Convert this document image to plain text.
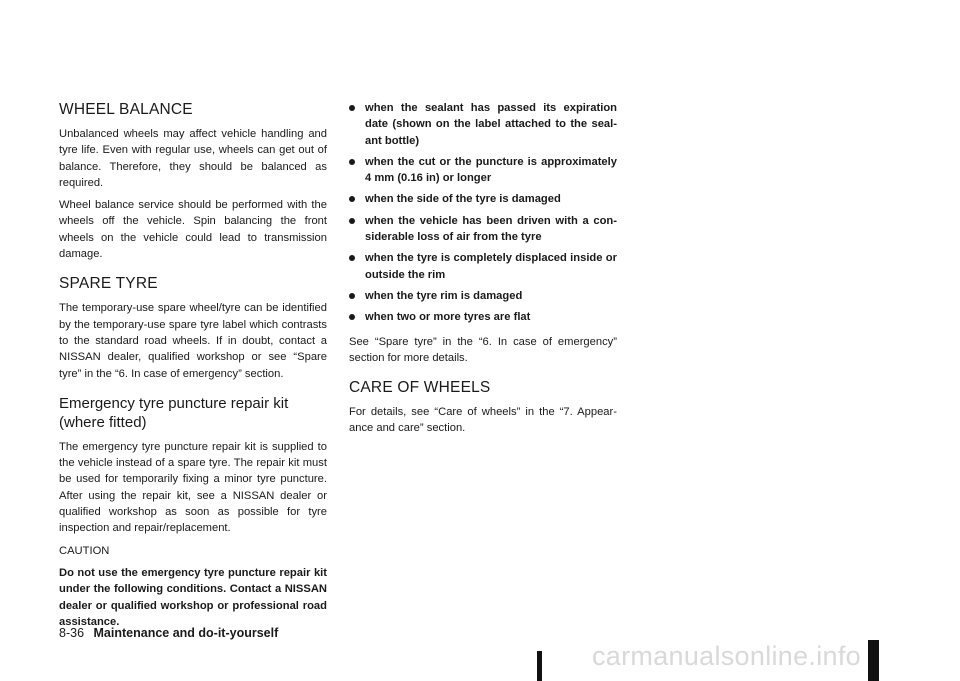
WHEEL BALANCE

Unbalanced wheels may affect vehicle handling and tyre life. Even with regular use, wheels can get out of balance. Therefore, they should be balanced as required.

Wheel balance service should be performed with the wheels off the vehicle. Spin balancing the front wheels on the vehicle could lead to transmission damage.

SPARE TYRE

The temporary-use spare wheel/tyre can be identified by the temporary-use spare tyre label which contrasts to the standard road wheels. If in doubt, contact a NISSAN dealer, qualified workshop or see “Spare tyre” in the “6. In case of emergency” section.

Emergency tyre puncture repair kit
(where fitted)

The emergency tyre puncture repair kit is supplied to the vehicle instead of a spare tyre. The repair kit must be used for temporarily fixing a minor tyre puncture. After using the repair kit, see a NISSAN dealer or qualified workshop as soon as possible for tyre inspection and repair/replacement.

CAUTION

Do not use the emergency tyre puncture repair kit under the following conditions. Contact a NISSAN dealer or qualified workshop or professional road assistance.

when the sealant has passed its expiration date (shown on the label attached to the sealant bottle)
when the cut or the puncture is approximately 4 mm (0.16 in) or longer
when the side of the tyre is damaged
when the vehicle has been driven with a considerable loss of air from the tyre
when the tyre is completely displaced inside or outside the rim
when the tyre rim is damaged
when two or more tyres are flat

See “Spare tyre” in the “6. In case of emergency” section for more details.

CARE OF WHEELS

For details, see “Care of wheels” in the “7. Appearance and care” section.

8-36 Maintenance and do-it-yourself
carmanualsonline.info
